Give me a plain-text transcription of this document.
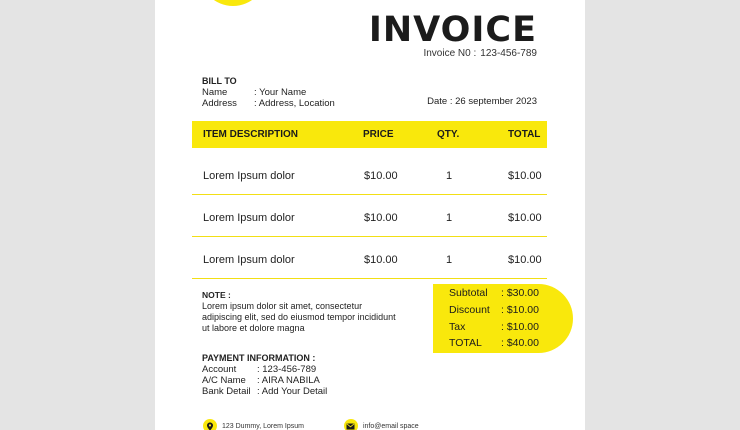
INVOICE
Invoice N0 : 123-456-789
BILL TO
Name	: Your Name
Address	: Address, Location	Date : 26 september 2023
ITEM DESCRIPTION	PRICE	QTY.	TOTAL
Lorem Ipsum dolor	$10.00	1	$10.00
Lorem Ipsum dolor	$10.00	1	$10.00
Lorem Ipsum dolor	$10.00	1	$10.00
NOTE :
Lorem ipsum dolor sit amet, consectetur adipiscing elit, sed do eiusmod tempor incididunt ut labore et dolore magna
Subtotal	: $30.00
Discount	: $10.00
Tax	: $10.00
TOTAL	: $40.00
PAYMENT INFORMATION :
Account	: 123-456-789
A/C Name	: AIRA NABILA
Bank Detail : Add Your Detail
123 Dummy, Lorem Ipsum	info@email space
